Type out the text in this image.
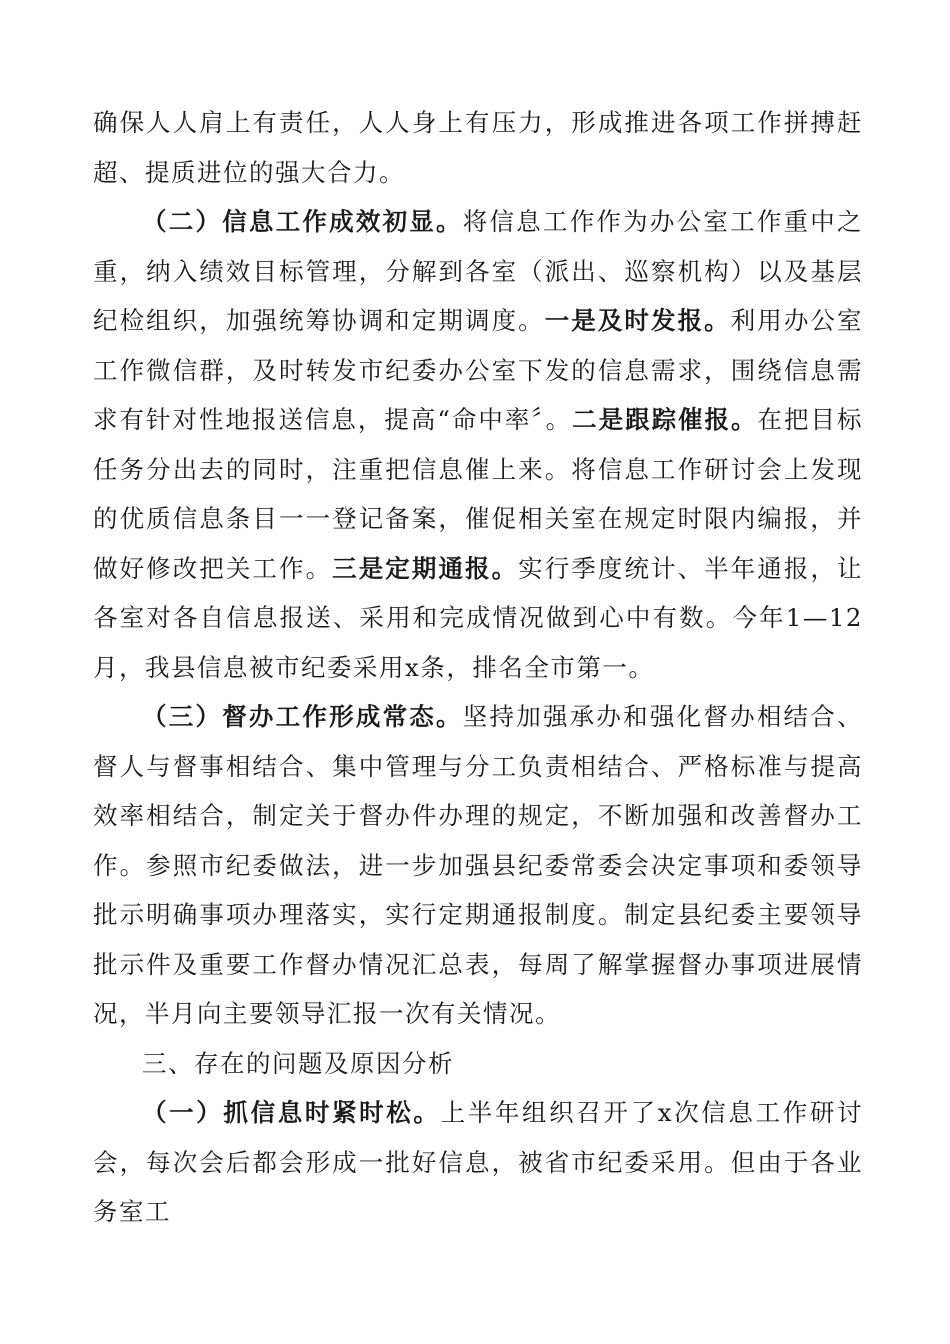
确保人人肩上有责任，人人身上有压力，形成推进各项工作拼搏赶超、提质进位的强大合力。

（二）信息工作成效初显。将信息工作作为办公室工作重中之重，纳入绩效目标管理，分解到各室（派出、巡察机构）以及基层纪检组织，加强统筹协调和定期调度。一是及时发报。利用办公室工作微信群，及时转发市纪委办公室下发的信息需求，围绕信息需求有针对性地报送信息，提高“命中率〞。二是跟踪催报。在把目标任务分出去的同时，注重把信息催上来。将信息工作研讨会上发现的优质信息条目一一登记备案，催促相关室在规定时限内编报，并做好修改把关工作。三是定期通报。实行季度统计、半年通报，让各室对各自信息报送、采用和完成情况做到心中有数。今年1—12月，我县信息被市纪委采用x条，排名全市第一。

（三）督办工作形成常态。坚持加强承办和强化督办相结合、督人与督事相结合、集中管理与分工负责相结合、严格标准与提高效率相结合，制定关于督办件办理的规定，不断加强和改善督办工作。参照市纪委做法，进一步加强县纪委常委会决定事项和委领导批示明确事项办理落实，实行定期通报制度。制定县纪委主要领导批示件及重要工作督办情况汇总表，每周了解掌握督办事项进展情况，半月向主要领导汇报一次有关情况。

三、存在的问题及原因分析

（一）抓信息时紧时松。上半年组织召开了x次信息工作研讨会，每次会后都会形成一批好信息，被省市纪委采用。但由于各业务室工
